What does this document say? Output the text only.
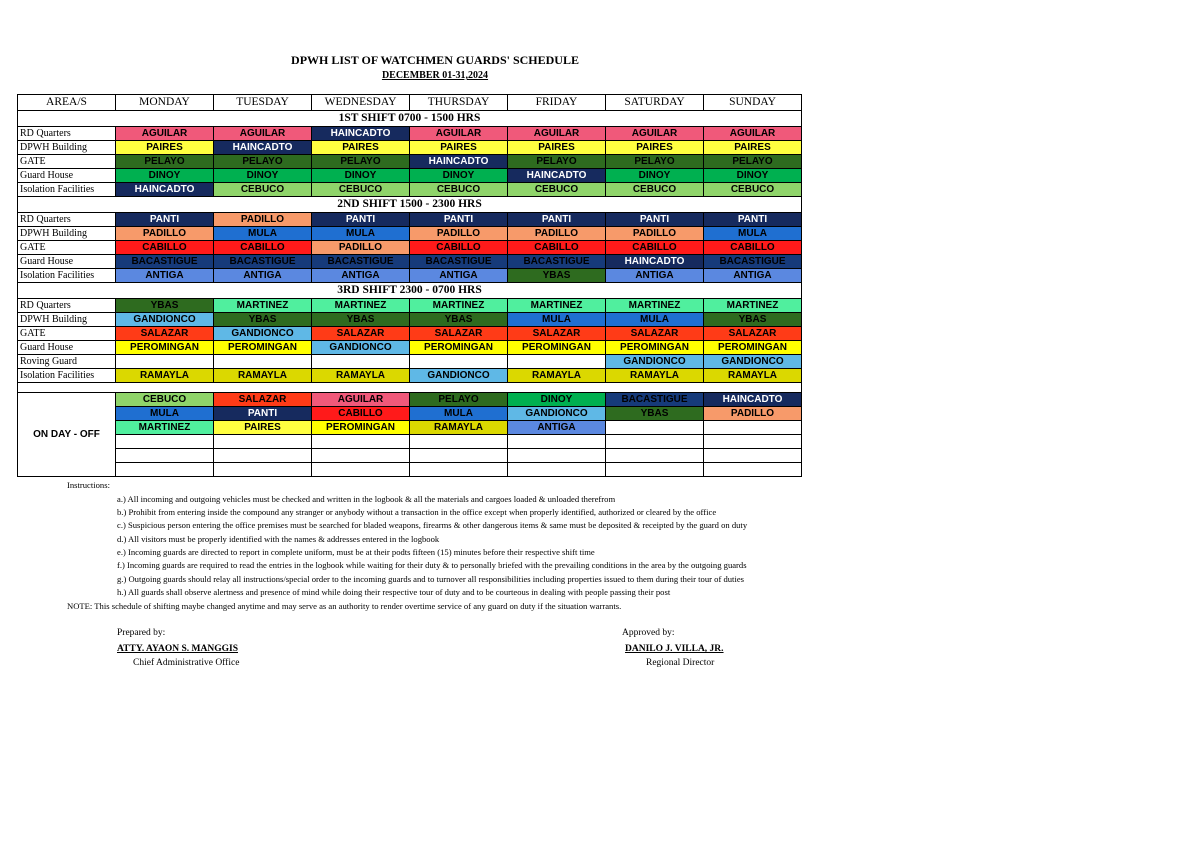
DPWH LIST OF WATCHMEN GUARDS' SCHEDULE
DECEMBER 01-31,2024
AREA/S	MONDAY	TUESDAY	WEDNESDAY	THURSDAY	FRIDAY	SATURDAY	SUNDAY
1ST SHIFT 0700 - 1500 HRS							
RD Quarters	AGUILAR	AGUILAR	HAINCADTO	AGUILAR	AGUILAR	AGUILAR	AGUILAR
DPWH Building	PAIRES	HAINCADTO	PAIRES	PAIRES	PAIRES	PAIRES	PAIRES
GATE	PELAYO	PELAYO	PELAYO	HAINCADTO	PELAYO	PELAYO	PELAYO
Guard House	DINOY	DINOY	DINOY	DINOY	HAINCADTO	DINOY	DINOY
Isolation Facilities	HAINCADTO	CEBUCO	CEBUCO	CEBUCO	CEBUCO	CEBUCO	CEBUCO
2ND SHIFT 1500 - 2300 HRS							
RD Quarters	PANTI	PADILLO	PANTI	PANTI	PANTI	PANTI	PANTI
DPWH Building	PADILLO	MULA	MULA	PADILLO	PADILLO	PADILLO	MULA
GATE	CABILLO	CABILLO	PADILLO	CABILLO	CABILLO	CABILLO	CABILLO
Guard House	BACASTIGUE	BACASTIGUE	BACASTIGUE	BACASTIGUE	BACASTIGUE	HAINCADTO	BACASTIGUE
Isolation Facilities	ANTIGA	ANTIGA	ANTIGA	ANTIGA	YBAS	ANTIGA	ANTIGA
3RD SHIFT 2300 - 0700 HRS							
RD Quarters	YBAS	MARTINEZ	MARTINEZ	MARTINEZ	MARTINEZ	MARTINEZ	MARTINEZ
DPWH Building	GANDIONCO	YBAS	YBAS	YBAS	MULA	MULA	YBAS
GATE	SALAZAR	GANDIONCO	SALAZAR	SALAZAR	SALAZAR	SALAZAR	SALAZAR
Guard House	PEROMINGAN	PEROMINGAN	GANDIONCO	PEROMINGAN	PEROMINGAN	PEROMINGAN	PEROMINGAN
Roving Guard						GANDIONCO	GANDIONCO
Isolation Facilities	RAMAYLA	RAMAYLA	RAMAYLA	GANDIONCO	RAMAYLA	RAMAYLA	RAMAYLA

ON DAY - OFF	CEBUCO	SALAZAR	AGUILAR	PELAYO	DINOY	BACASTIGUE	HAINCADTO
	MULA	PANTI	CABILLO	MULA	GANDIONCO	YBAS	PADILLO
	MARTINEZ	PAIRES	PEROMINGAN	RAMAYLA	ANTIGA		

Instructions:
a.) All incoming and outgoing vehicles must be checked and written in the logbook & all the materials and cargoes loaded & unloaded therefrom
b.) Prohibit from entering inside the compound any stranger or anybody without a transaction in the office except when properly identified, authorized or cleared by the office
c.) Suspicious person entering the office premises must be searched for bladed weapons, firearms & other dangerous items & same must be deposited & receipted by the guard on duty
d.) All visitors must be properly identified with the names & addresses entered in the logbook
e.) Incoming guards are directed to report in complete uniform, must be at their podts fifteen (15) minutes before their respective shift time
f.) Incoming guards are required to read the entries in the logbook while waiting for their duty & to personally briefed with the prevailing conditions in the area by the outgoing guards
g.) Outgoing guards should relay all instructions/special order to the incoming guards and to turnover all responsibilities including properties issued to them during their tour of duties
h.) All guards shall observe alertness and presence of mind while doing their respective tour of duty and to be courteous in dealing with people passing their post
NOTE: This schedule of shifting maybe changed anytime and may serve as an authority to render overtime service of any guard on duty if the situation warrants.
Prepared by:
ATTY. AYAON S. MANGGIS
Chief Administrative Office
Approved by:
DANILO J. VILLA, JR.
Regional Director
